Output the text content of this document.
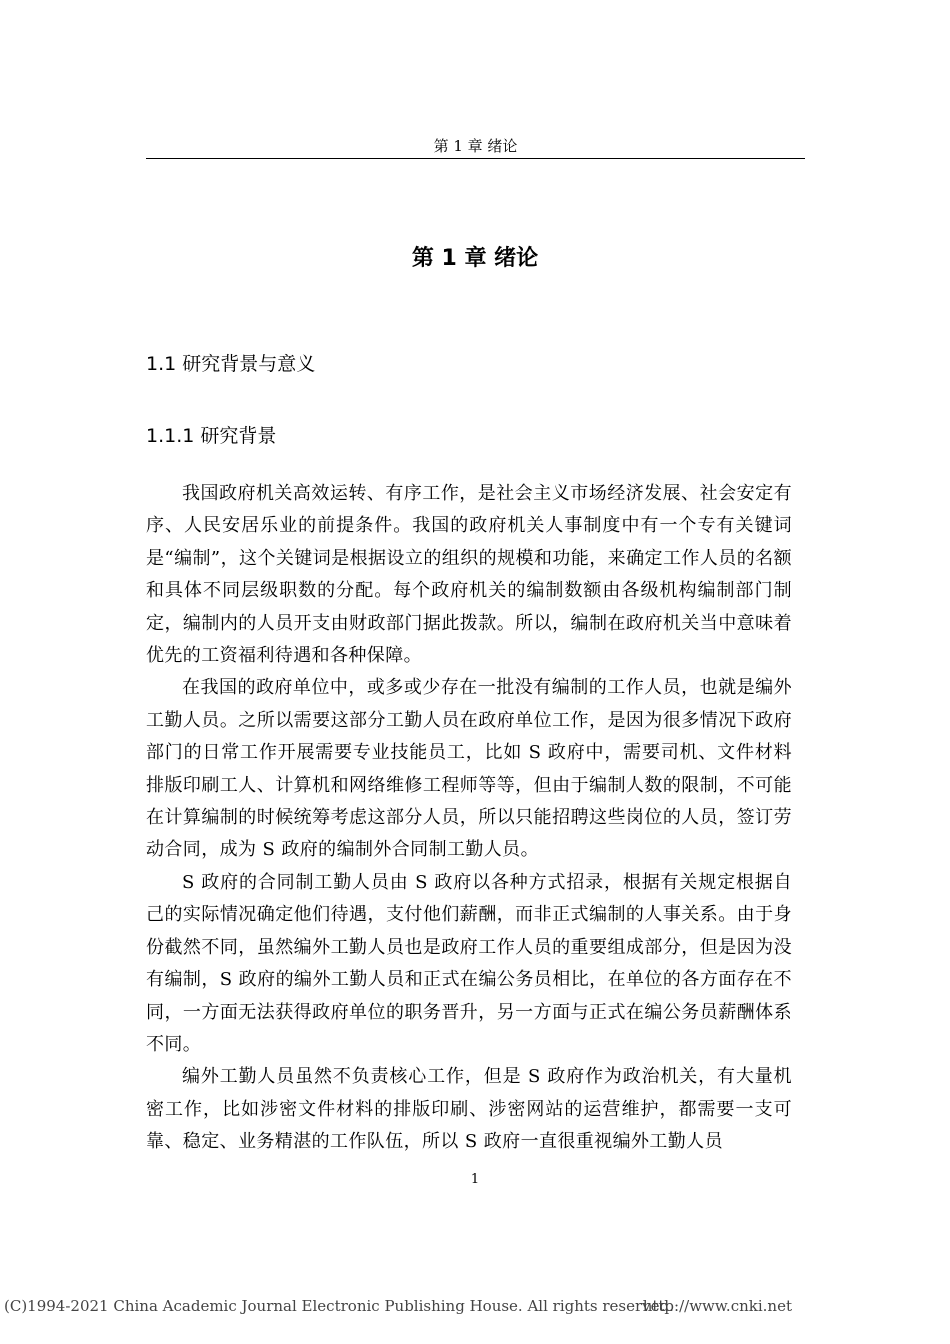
第 1 章 绪论
第 1 章 绪论
1.1 研究背景与意义
1.1.1 研究背景

我国政府机关高效运转、有序工作，是社会主义市场经济发展、社会安定有序、人民安居乐业的前提条件。我国的政府机关人事制度中有一个专有关键词是“编制”，这个关键词是根据设立的组织的规模和功能，来确定工作人员的名额和具体不同层级职数的分配。每个政府机关的编制数额由各级机构编制部门制定，编制内的人员开支由财政部门据此拨款。所以，编制在政府机关当中意味着优先的工资福利待遇和各种保障。

在我国的政府单位中，或多或少存在一批没有编制的工作人员，也就是编外工勤人员。之所以需要这部分工勤人员在政府单位工作，是因为很多情况下政府部门的日常工作开展需要专业技能员工，比如 S 政府中，需要司机、文件材料排版印刷工人、计算机和网络维修工程师等等，但由于编制人数的限制，不可能在计算编制的时候统筹考虑这部分人员，所以只能招聘这些岗位的人员，签订劳动合同，成为 S 政府的编制外合同制工勤人员。

S 政府的合同制工勤人员由 S 政府以各种方式招录，根据有关规定根据自己的实际情况确定他们待遇，支付他们薪酬，而非正式编制的人事关系。由于身份截然不同，虽然编外工勤人员也是政府工作人员的重要组成部分，但是因为没有编制，S 政府的编外工勤人员和正式在编公务员相比，在单位的各方面存在不同，一方面无法获得政府单位的职务晋升，另一方面与正式在编公务员薪酬体系不同。

编外工勤人员虽然不负责核心工作，但是 S 政府作为政治机关，有大量机密工作，比如涉密文件材料的排版印刷、涉密网站的运营维护，都需要一支可靠、稳定、业务精湛的工作队伍，所以 S 政府一直很重视编外工勤人员

1
(C)1994-2021 China Academic Journal Electronic Publishing House. All rights reserved.
http://www.cnki.net
